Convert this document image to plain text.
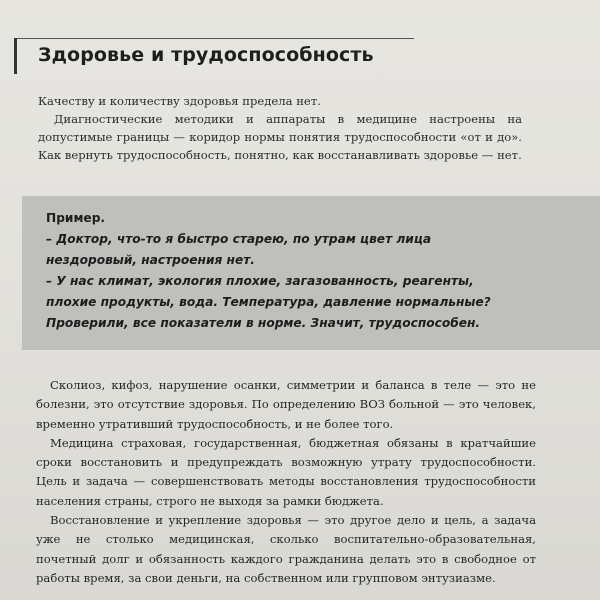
Здоровье и трудоспособность

Качеству и количеству здоровья предела нет.

Диагностические методики и аппараты в медицине настроены на допустимые границы — коридор нормы понятия трудоспособности «от и до». Как вернуть трудоспособность, понятно, как восстанавливать здоровье — нет.

Пример.
– Доктор, что-то я быстро старею, по утрам цвет лица нездоровый, настроения нет.
– У нас климат, экология плохие, загазованность, реагенты, плохие продукты, вода. Температура, давление нормальные? Проверили, все показатели в норме. Значит, трудоспособен.

Сколиоз, кифоз, нарушение осанки, симметрии и баланса в теле — это не болезни, это отсутствие здоровья. По определению ВОЗ больной — это человек, временно утративший трудоспособность, и не более того.

Медицина страховая, государственная, бюджетная обязаны в кратчайшие сроки восстановить и предупреждать возможную утрату трудоспособности. Цель и задача — совершенствовать методы восстановления трудоспособности населения страны, строго не выходя за рамки бюджета.

Восстановление и укрепление здоровья — это другое дело и цель, а задача уже не столько медицинская, сколько воспитательно-образовательная, почетный долг и обязанность каждого гражданина делать это в свободное от работы время, за свои деньги, на собственном или групповом энтузиазме.
